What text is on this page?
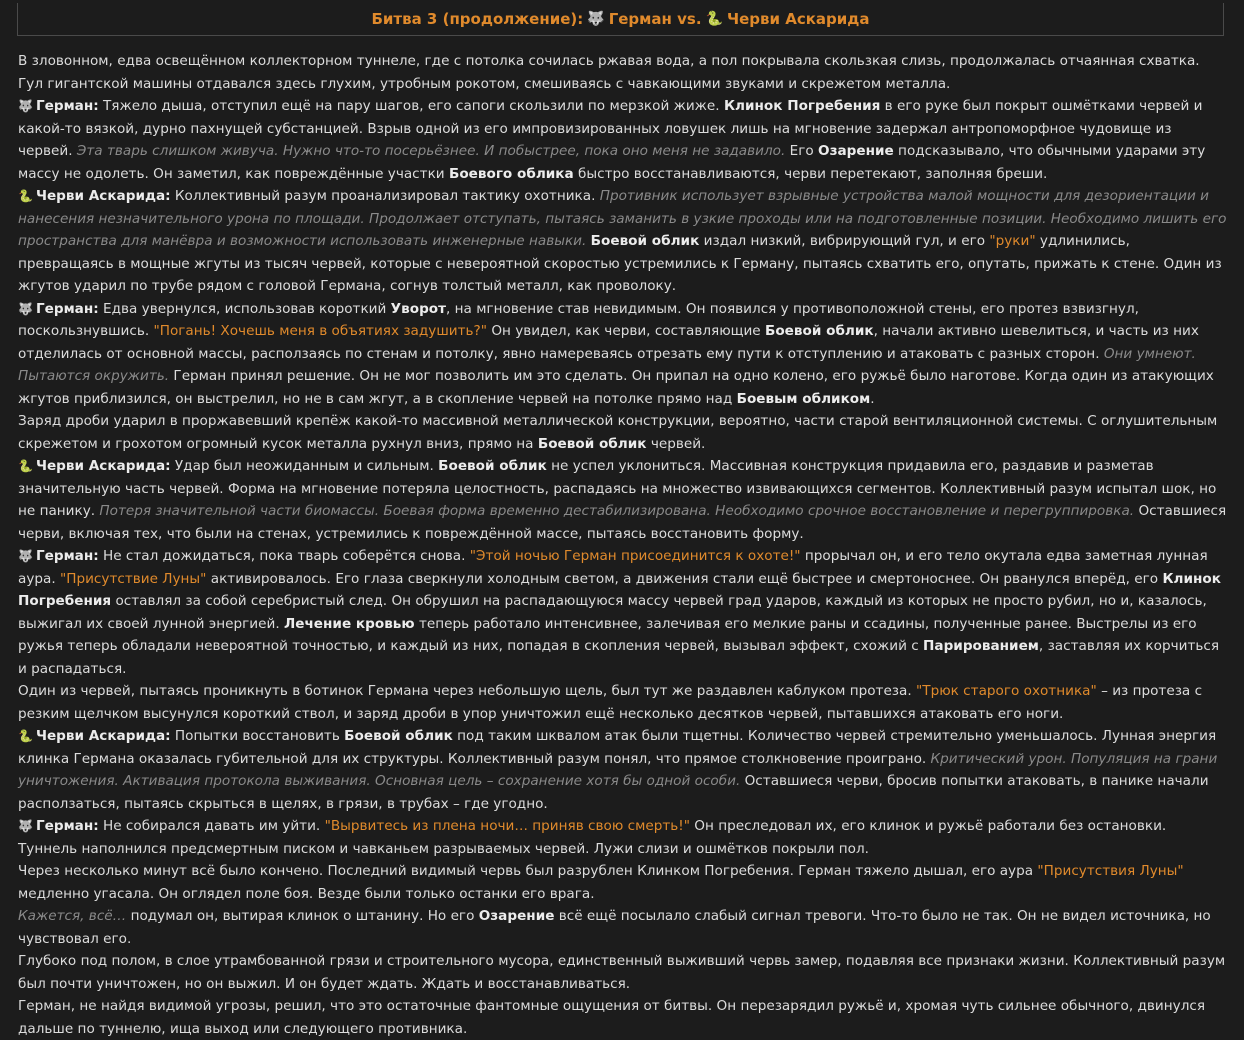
Битва 3 (продолжение): 🐺 Герман vs. 🐍 Черви Аскарида

В зловонном, едва освещённом коллекторном туннеле, где с потолка сочилась ржавая вода, а пол покрывала скользкая слизь, продолжалась отчаянная схватка. Гул гигантской машины отдавался здесь глухим, утробным рокотом, смешиваясь с чавкающими звуками и скрежетом металла.

🐺 Герман: Тяжело дыша, отступил ещё на пару шагов, его сапоги скользили по мерзкой жиже. Клинок Погребения в его руке был покрыт ошмётками червей и какой-то вязкой, дурно пахнущей субстанцией. Взрыв одной из его импровизированных ловушек лишь на мгновение задержал антропоморфное чудовище из червей. Эта тварь слишком живуча. Нужно что-то посерьёзнее. И побыстрее, пока оно меня не задавило. Его Озарение подсказывало, что обычными ударами эту массу не одолеть. Он заметил, как повреждённые участки Боевого облика быстро восстанавливаются, черви перетекают, заполняя бреши.

🐍 Черви Аскарида: Коллективный разум проанализировал тактику охотника. Противник использует взрывные устройства малой мощности для дезориентации и нанесения незначительного урона по площади. Продолжает отступать, пытаясь заманить в узкие проходы или на подготовленные позиции. Необходимо лишить его пространства для манёвра и возможности использовать инженерные навыки. Боевой облик издал низкий, вибрирующий гул, и его "руки" удлинились, превращаясь в мощные жгуты из тысяч червей, которые с невероятной скоростью устремились к Герману, пытаясь схватить его, опутать, прижать к стене. Один из жгутов ударил по трубе рядом с головой Германа, согнув толстый металл, как проволоку.

🐺 Герман: Едва увернулся, использовав короткий Уворот, на мгновение став невидимым. Он появился у противоположной стены, его протез взвизгнул, поскользнувшись. "Погань! Хочешь меня в объятиях задушить?" Он увидел, как черви, составляющие Боевой облик, начали активно шевелиться, и часть из них отделилась от основной массы, расползаясь по стенам и потолку, явно намереваясь отрезать ему пути к отступлению и атаковать с разных сторон. Они умнеют. Пытаются окружить. Герман принял решение. Он не мог позволить им это сделать. Он припал на одно колено, его ружьё было наготове. Когда один из атакующих жгутов приблизился, он выстрелил, но не в сам жгут, а в скопление червей на потолке прямо над Боевым обликом.

Заряд дроби ударил в проржавевший крепёж какой-то массивной металлической конструкции, вероятно, части старой вентиляционной системы. С оглушительным скрежетом и грохотом огромный кусок металла рухнул вниз, прямо на Боевой облик червей.

🐍 Черви Аскарида: Удар был неожиданным и сильным. Боевой облик не успел уклониться. Массивная конструкция придавила его, раздавив и разметав значительную часть червей. Форма на мгновение потеряла целостность, распадаясь на множество извивающихся сегментов. Коллективный разум испытал шок, но не панику. Потеря значительной части биомассы. Боевая форма временно дестабилизирована. Необходимо срочное восстановление и перегруппировка. Оставшиеся черви, включая тех, что были на стенах, устремились к повреждённой массе, пытаясь восстановить форму.

🐺 Герман: Не стал дожидаться, пока тварь соберётся снова. "Этой ночью Герман присоединится к охоте!" прорычал он, и его тело окутала едва заметная лунная аура. "Присутствие Луны" активировалось. Его глаза сверкнули холодным светом, а движения стали ещё быстрее и смертоноснее. Он рванулся вперёд, его Клинок Погребения оставлял за собой серебристый след. Он обрушил на распадающуюся массу червей град ударов, каждый из которых не просто рубил, но и, казалось, выжигал их своей лунной энергией. Лечение кровью теперь работало интенсивнее, залечивая его мелкие раны и ссадины, полученные ранее. Выстрелы из его ружья теперь обладали невероятной точностью, и каждый из них, попадая в скопления червей, вызывал эффект, схожий с Парированием, заставляя их корчиться и распадаться.

Один из червей, пытаясь проникнуть в ботинок Германа через небольшую щель, был тут же раздавлен каблуком протеза. "Трюк старого охотника" – из протеза с резким щелчком высунулся короткий ствол, и заряд дроби в упор уничтожил ещё несколько десятков червей, пытавшихся атаковать его ноги.

🐍 Черви Аскарида: Попытки восстановить Боевой облик под таким шквалом атак были тщетны. Количество червей стремительно уменьшалось. Лунная энергия клинка Германа оказалась губительной для их структуры. Коллективный разум понял, что прямое столкновение проиграно. Критический урон. Популяция на грани уничтожения. Активация протокола выживания. Основная цель – сохранение хотя бы одной особи. Оставшиеся черви, бросив попытки атаковать, в панике начали расползаться, пытаясь скрыться в щелях, в грязи, в трубах – где угодно.

🐺 Герман: Не собирался давать им уйти. "Вырвитесь из плена ночи… приняв свою смерть!" Он преследовал их, его клинок и ружьё работали без остановки. Туннель наполнился предсмертным писком и чавканьем разрываемых червей. Лужи слизи и ошмётков покрыли пол.

Через несколько минут всё было кончено. Последний видимый червь был разрублен Клинком Погребения. Герман тяжело дышал, его аура "Присутствия Луны" медленно угасала. Он оглядел поле боя. Везде были только останки его врага.

Кажется, всё… подумал он, вытирая клинок о штанину. Но его Озарение всё ещё посылало слабый сигнал тревоги. Что-то было не так. Он не видел источника, но чувствовал его.

Глубоко под полом, в слое утрамбованной грязи и строительного мусора, единственный выживший червь замер, подавляя все признаки жизни. Коллективный разум был почти уничтожен, но он выжил. И он будет ждать. Ждать и восстанавливаться.

Герман, не найдя видимой угрозы, решил, что это остаточные фантомные ощущения от битвы. Он перезарядил ружьё и, хромая чуть сильнее обычного, двинулся дальше по туннелю, ища выход или следующего противника.
